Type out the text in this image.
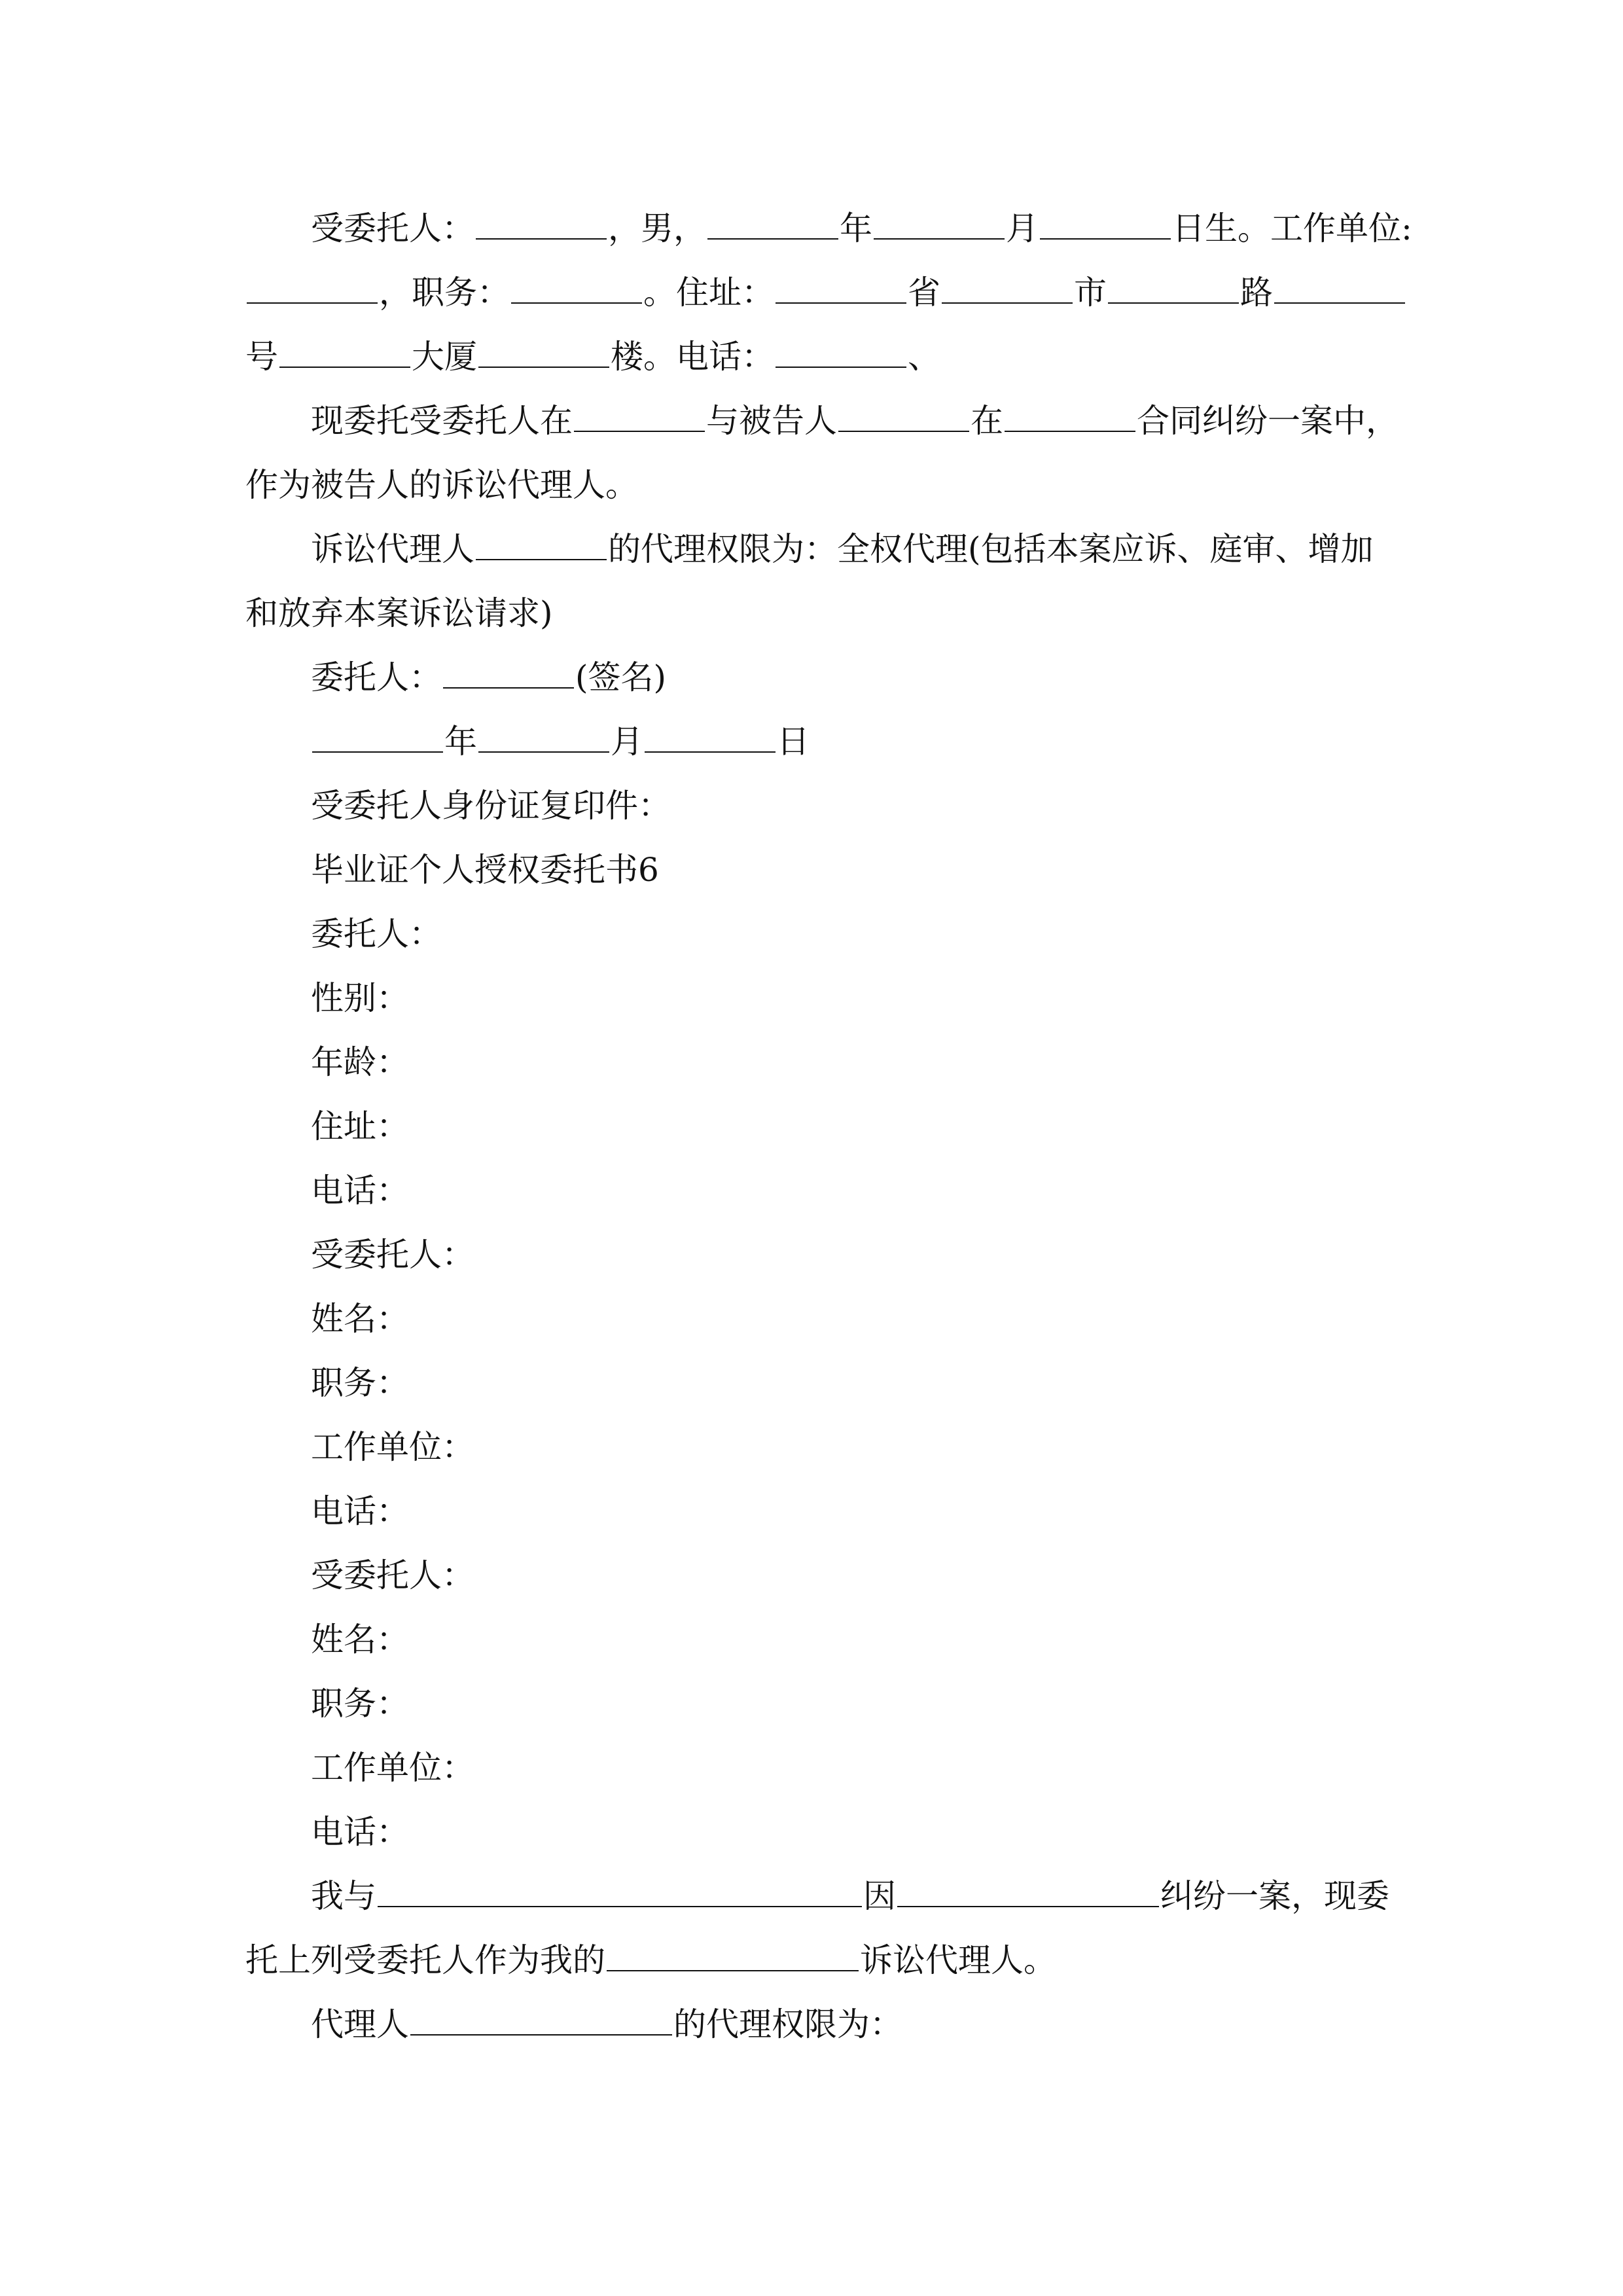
受委托人：	，男，	年	月	日生。工作单位:
，职务：	。住址：	省	市	路
号	大厦	楼。电话：	、
现委托受委托人在	与被告人	在	合同纠纷一案中，
作为被告人的诉讼代理人。
诉讼代理人	的代理权限为：全权代理(包括本案应诉、庭审、增加
和放弃本案诉讼请求)
委托人：	(签名)
年	月	日
受委托人身份证复印件：
毕业证个人授权委托书6
委托人：
性别：
年龄：
住址：
电话：
受委托人：
姓名：
职务：
工作单位：
电话：
受委托人：
姓名：
职务：
工作单位：
电话：
我与	因	纠纷一案，现委
托上列受委托人作为我的	诉讼代理人。
代理人	的代理权限为：
